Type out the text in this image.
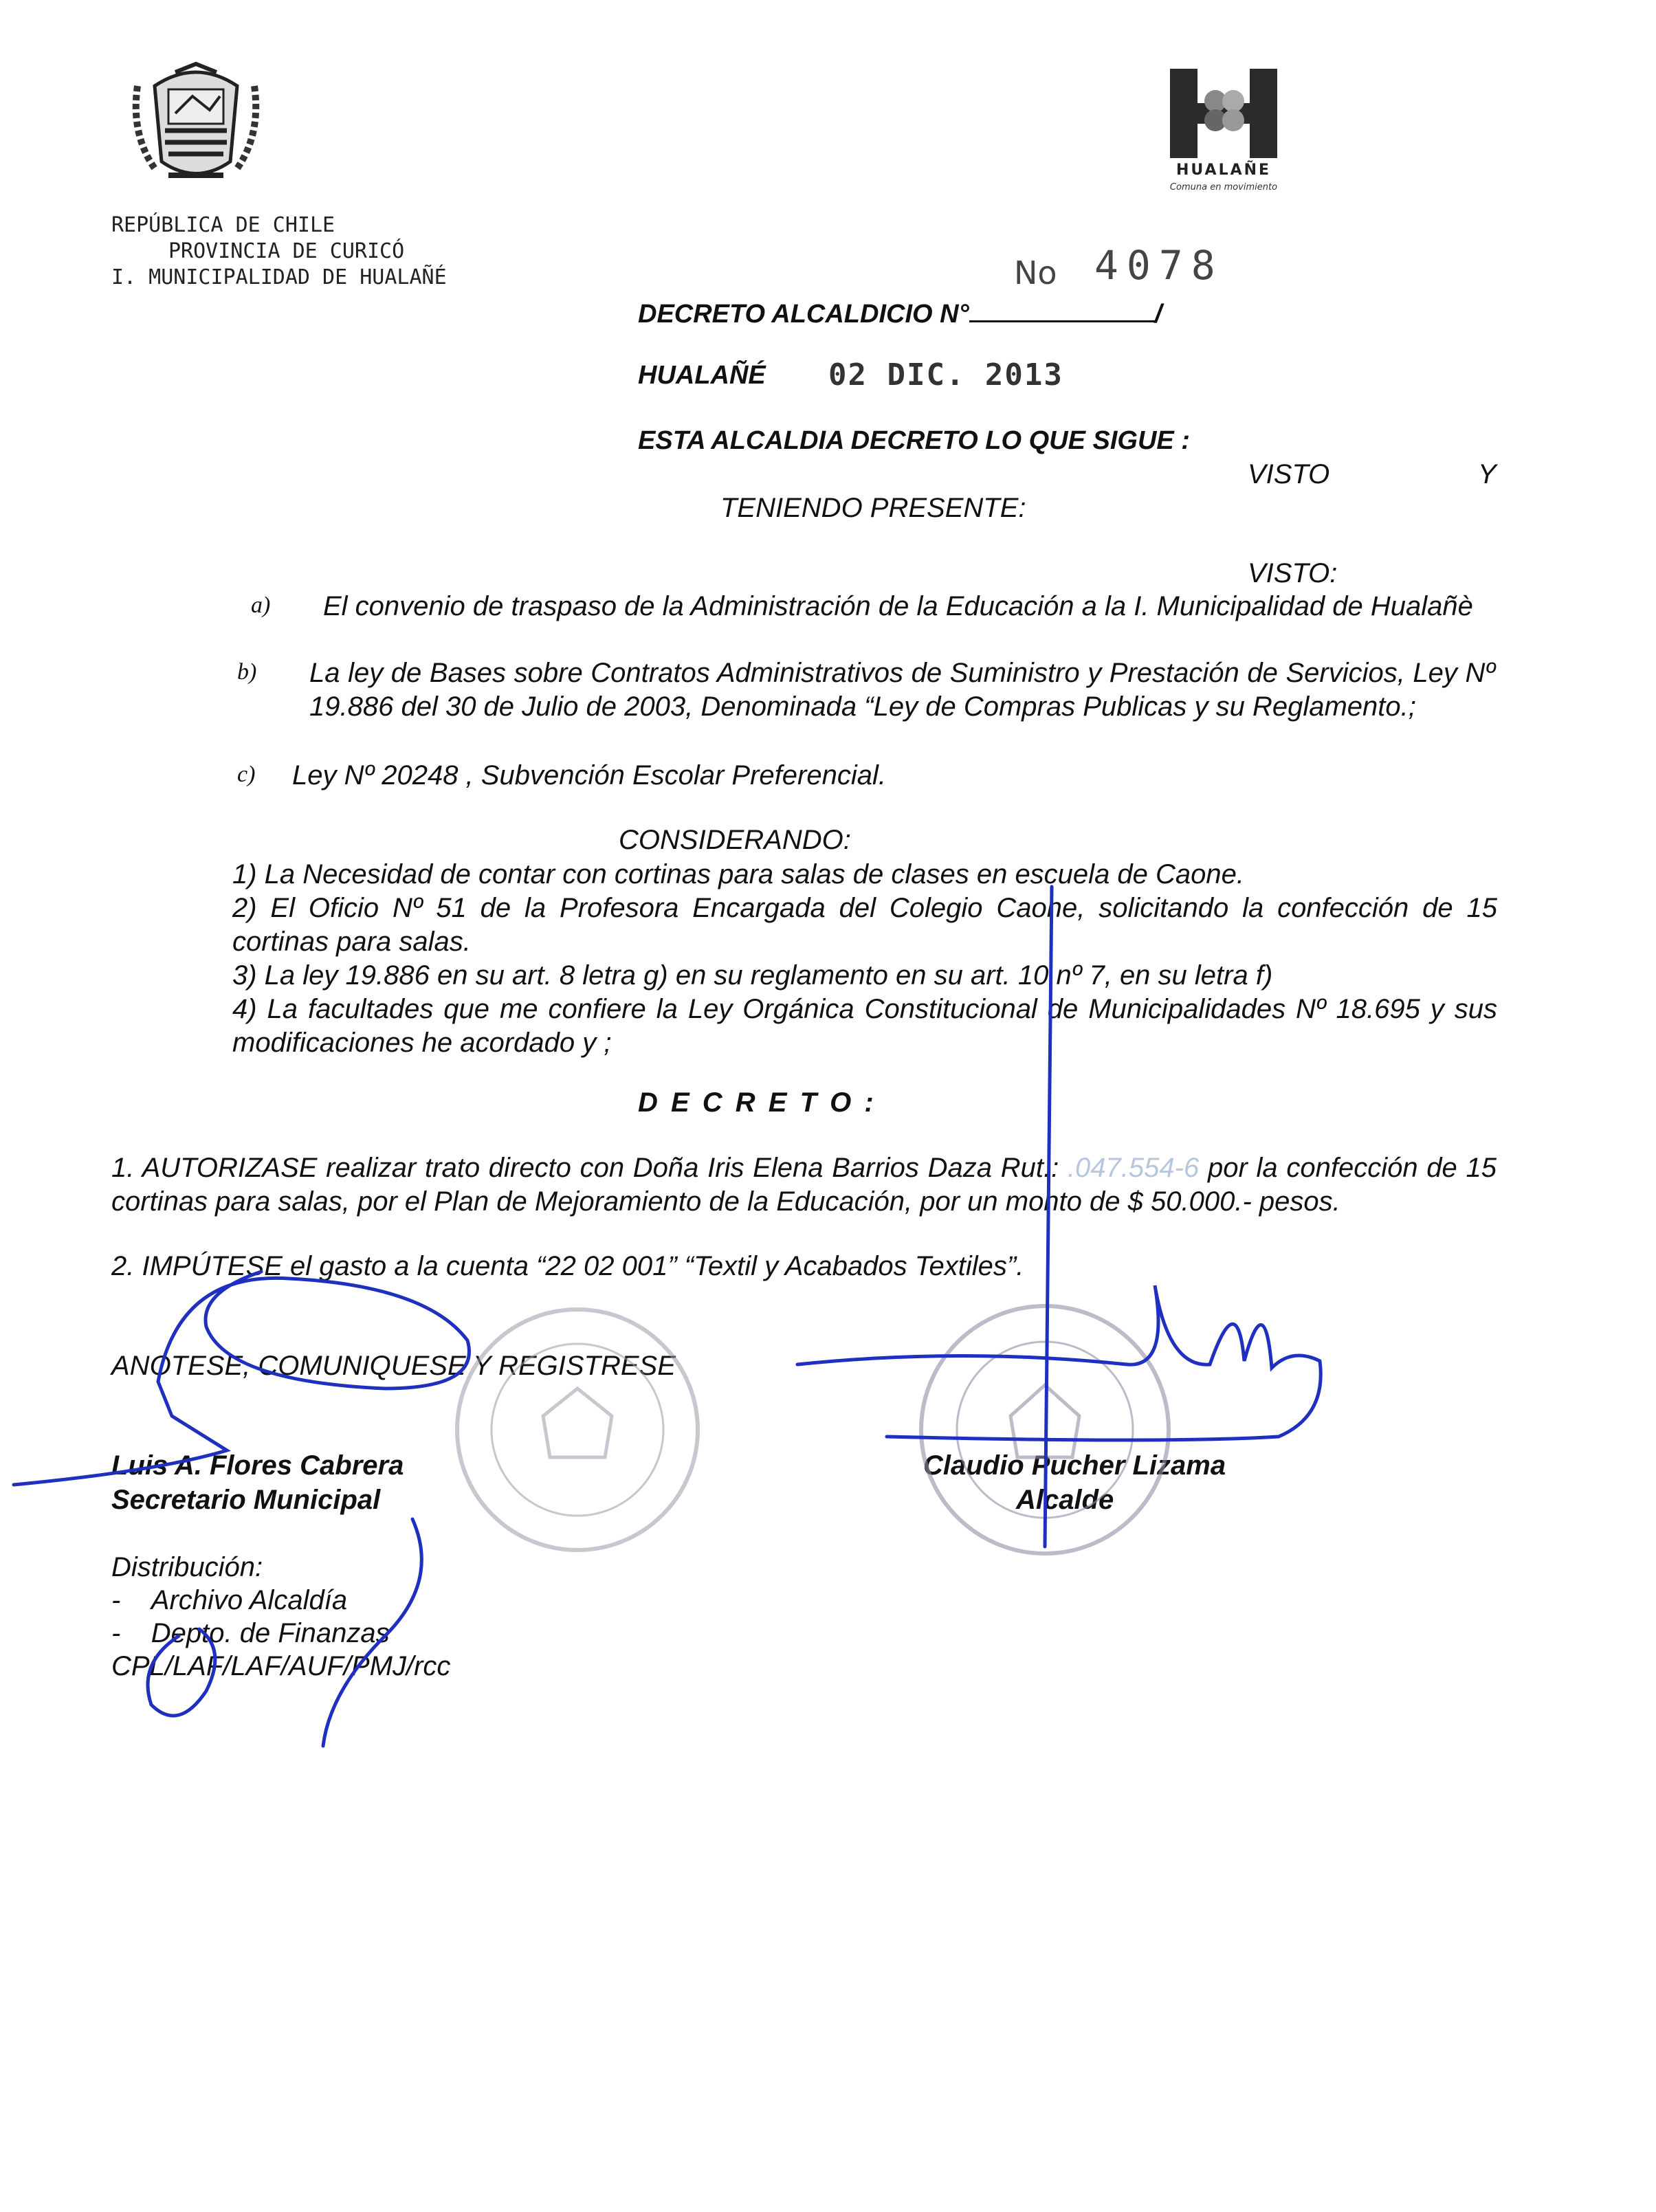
HUALAÑE
Comuna en movimiento
REPÚBLICA DE CHILE
PROVINCIA DE CURICÓ
I. MUNICIPALIDAD DE HUALAÑÉ	No 4078
DECRETO ALCALDICIO N°	/
HUALAÑÉ 02 DIC. 2013
ESTA ALCALDIA DECRETO LO QUE SIGUE :
VISTO	Y
TENIENDO PRESENTE:
VISTO:
a) El convenio de traspaso de la Administración de la Educación a la I. Municipalidad de Hualañè
b) La ley de Bases sobre Contratos Administrativos de Suministro y Prestación de Servicios, Ley Nº 19.886 del 30 de Julio de 2003, Denominada “Ley de Compras Publicas y su Reglamento.;
c) Ley Nº 20248 , Subvención Escolar Preferencial.
CONSIDERANDO:
1) La Necesidad de contar con cortinas para salas de clases en escuela de Caone.
2) El Oficio Nº 51 de la Profesora Encargada del Colegio Caone, solicitando la confección de 15 cortinas para salas.
3) La ley 19.886 en su art. 8 letra g) en su reglamento en su art. 10 nº 7, en su letra f)
4) La facultades que me confiere la Ley Orgánica Constitucional de Municipalidades Nº 18.695 y sus modificaciones he acordado y ;
D E C R E T O :
1. AUTORIZASE realizar trato directo con Doña Iris Elena Barrios Daza Rut.: .047.554-6 por la confección de 15 cortinas para salas, por el Plan de Mejoramiento de la Educación, por un monto de $ 50.000.- pesos.
2. IMPÚTESE el gasto a la cuenta “22 02 001” “Textil y Acabados Textiles”.
ANOTESE, COMUNIQUESE Y REGISTRESE
Luis A. Flores Cabrera
Secretario Municipal
Claudio Pucher Lizama
Alcalde
Distribución:
-    Archivo Alcaldía
-    Depto. de Finanzas
CPL/LAF/LAF/AUF/PMJ/rcc
